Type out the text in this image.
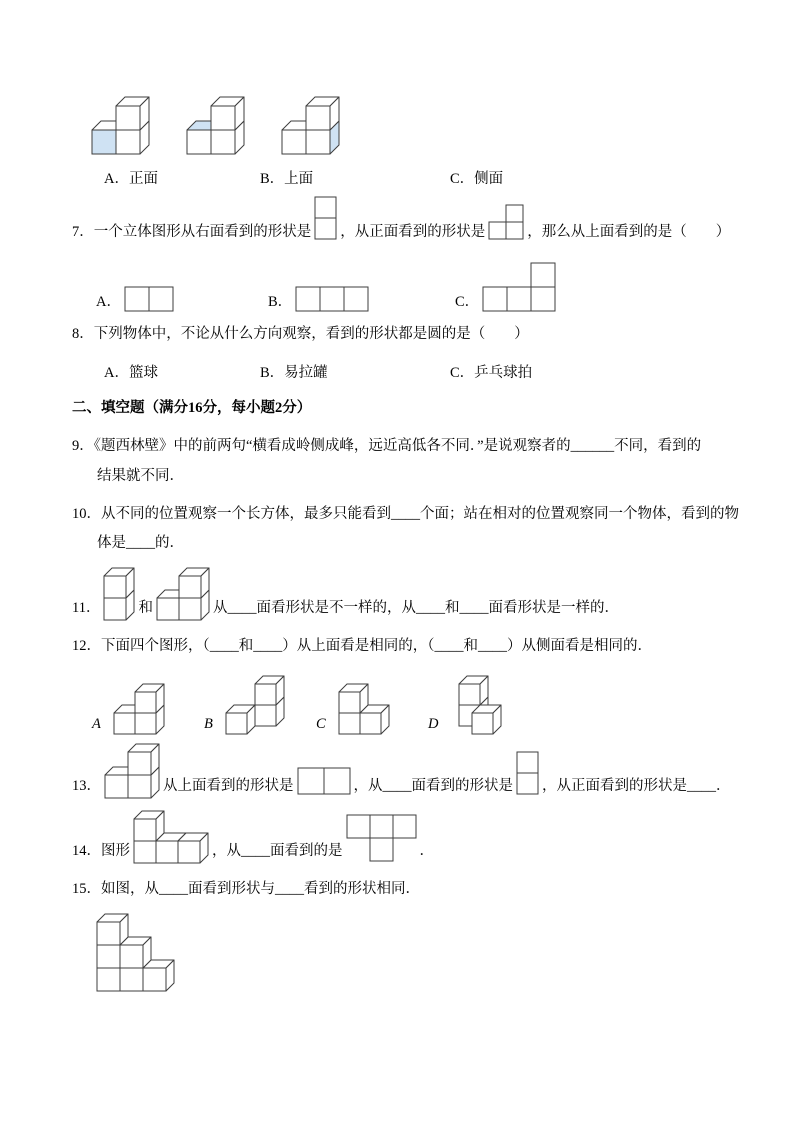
A．正面	B．上面	C．侧面
7．一个立体图形从右面看到的形状是 ，从正面看到的形状是	，那么从上面看到的是（　　）
A．	B．	C．
8．下列物体中，不论从什么方向观察，看到的形状都是圆的是（　　）
A．篮球	B．易拉罐	C．乒乓球拍
二、填空题（满分16分，每小题2分）
9．《题西林壁》中的前两句“横看成岭侧成峰，远近高低各不同．”是说观察者的______不同，看到的
结果就不同．
10．从不同的位置观察一个长方体，最多只能看到____个面；站在相对的位置观察同一个物体，看到的物
体是____的．
11．	和	从____面看形状是不一样的，从____和____面看形状是一样的．
12．下面四个图形，（____和____）从上面看是相同的，（____和____）从侧面看是相同的．
A	B	C	D
13．	从上面看到的形状是	，从____面看到的形状是 ，从正面看到的形状是____．
14．图形	，从____面看到的是	．
15．如图，从____面看到形状与____看到的形状相同．
